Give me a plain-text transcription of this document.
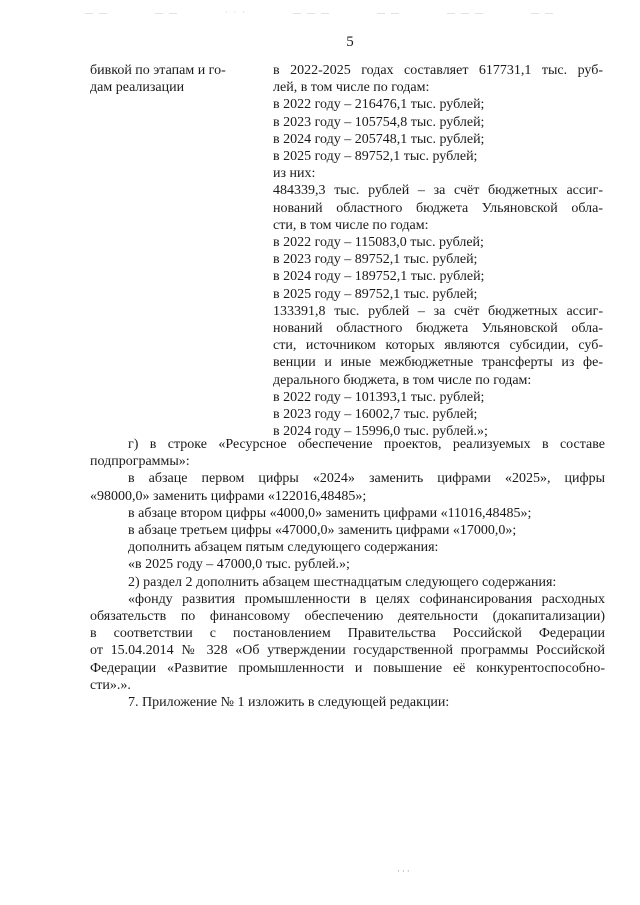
— —	— —	· · ·	— — —	— —	— — —	— —
5
бивкой по этапам и го-
дам реализации
в 2022-2025 годах составляет 617731,1 тыс. руб-
лей, в том числе по годам:
в 2022 году – 216476,1 тыс. рублей;
в 2023 году – 105754,8 тыс. рублей;
в 2024 году – 205748,1 тыс. рублей;
в 2025 году – 89752,1 тыс. рублей;
из них:
484339,3 тыс. рублей – за счёт бюджетных ассиг-
нований областного бюджета Ульяновской обла-
сти, в том числе по годам:
в 2022 году – 115083,0 тыс. рублей;
в 2023 году – 89752,1 тыс. рублей;
в 2024 году – 189752,1 тыс. рублей;
в 2025 году – 89752,1 тыс. рублей;
133391,8 тыс. рублей – за счёт бюджетных ассиг-
нований областного бюджета Ульяновской обла-
сти, источником которых являются субсидии, суб-
венции и иные межбюджетные трансферты из фе-
дерального бюджета, в том числе по годам:
в 2022 году – 101393,1 тыс. рублей;
в 2023 году – 16002,7 тыс. рублей;
в 2024 году – 15996,0 тыс. рублей.»;
г) в строке «Ресурсное обеспечение проектов, реализуемых в составе
подпрограммы»:
в абзаце первом цифры «2024» заменить цифрами «2025», цифры
«98000,0» заменить цифрами «122016,48485»;
в абзаце втором цифры «4000,0» заменить цифрами «11016,48485»;
в абзаце третьем цифры «47000,0» заменить цифрами «17000,0»;
дополнить абзацем пятым следующего содержания:
«в 2025 году – 47000,0 тыс. рублей.»;
2) раздел 2 дополнить абзацем шестнадцатым следующего содержания:
«фонду развития промышленности в целях софинансирования расходных
обязательств по финансовому обеспечению деятельности (докапитализации)
в соответствии с постановлением Правительства Российской Федерации
от 15.04.2014 № 328 «Об утверждении государственной программы Российской
Федерации «Развитие промышленности и повышение её конкурентоспособно-
сти».».
7. Приложение № 1 изложить в следующей редакции:
· ∙ ·
